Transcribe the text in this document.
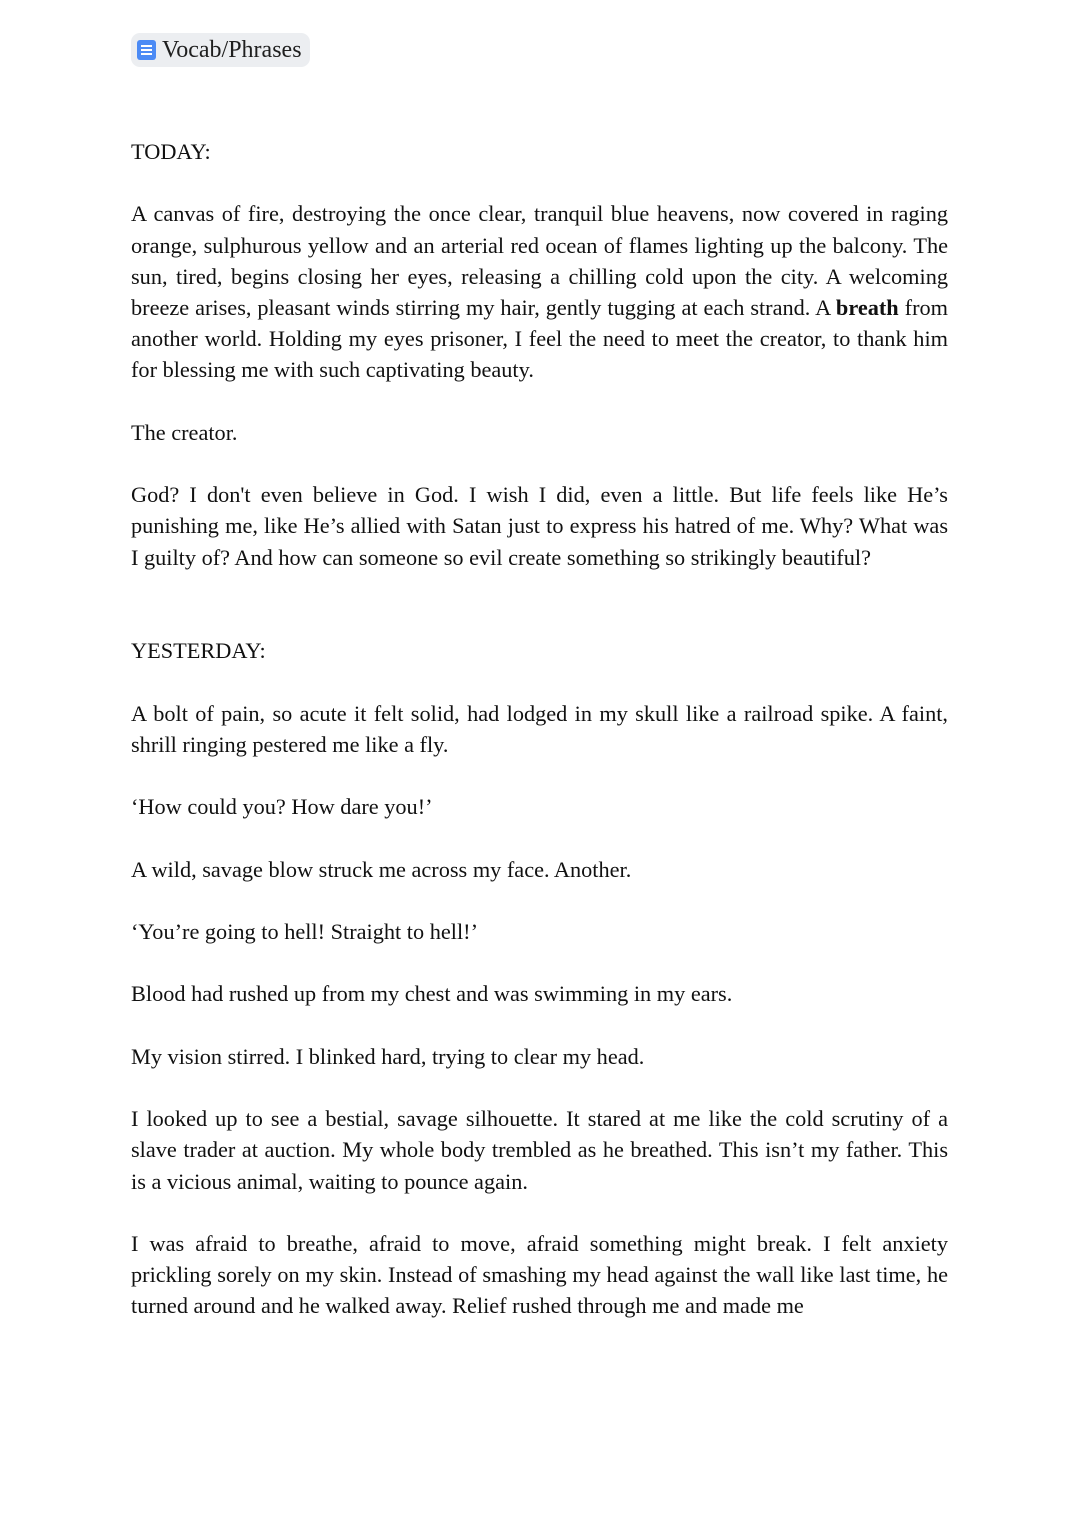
Vocab/Phrases

TODAY:

A canvas of fire, destroying the once clear, tranquil blue heavens, now covered in raging orange, sulphurous yellow and an arterial red ocean of flames lighting up the balcony. The sun, tired, begins closing her eyes, releasing a chilling cold upon the city. A welcoming breeze arises, pleasant winds stirring my hair, gently tugging at each strand. A breath from another world. Holding my eyes prisoner, I feel the need to meet the creator, to thank him for blessing me with such captivating beauty.

The creator.

God? I don't even believe in God. I wish I did, even a little. But life feels like He’s punishing me, like He’s allied with Satan just to express his hatred of me. Why? What was I guilty of? And how can someone so evil create something so strikingly beautiful?

YESTERDAY:

A bolt of pain, so acute it felt solid, had lodged in my skull like a railroad spike. A faint, shrill ringing pestered me like a fly.

‘How could you? How dare you!’

A wild, savage blow struck me across my face. Another.

‘You’re going to hell! Straight to hell!’

Blood had rushed up from my chest and was swimming in my ears.

My vision stirred. I blinked hard, trying to clear my head.

I looked up to see a bestial, savage silhouette. It stared at me like the cold scrutiny of a slave trader at auction. My whole body trembled as he breathed. This isn’t my father. This is a vicious animal, waiting to pounce again.

I was afraid to breathe, afraid to move, afraid something might break. I felt anxiety prickling sorely on my skin. Instead of smashing my head against the wall like last time, he turned around and he walked away. Relief rushed through me and made me
